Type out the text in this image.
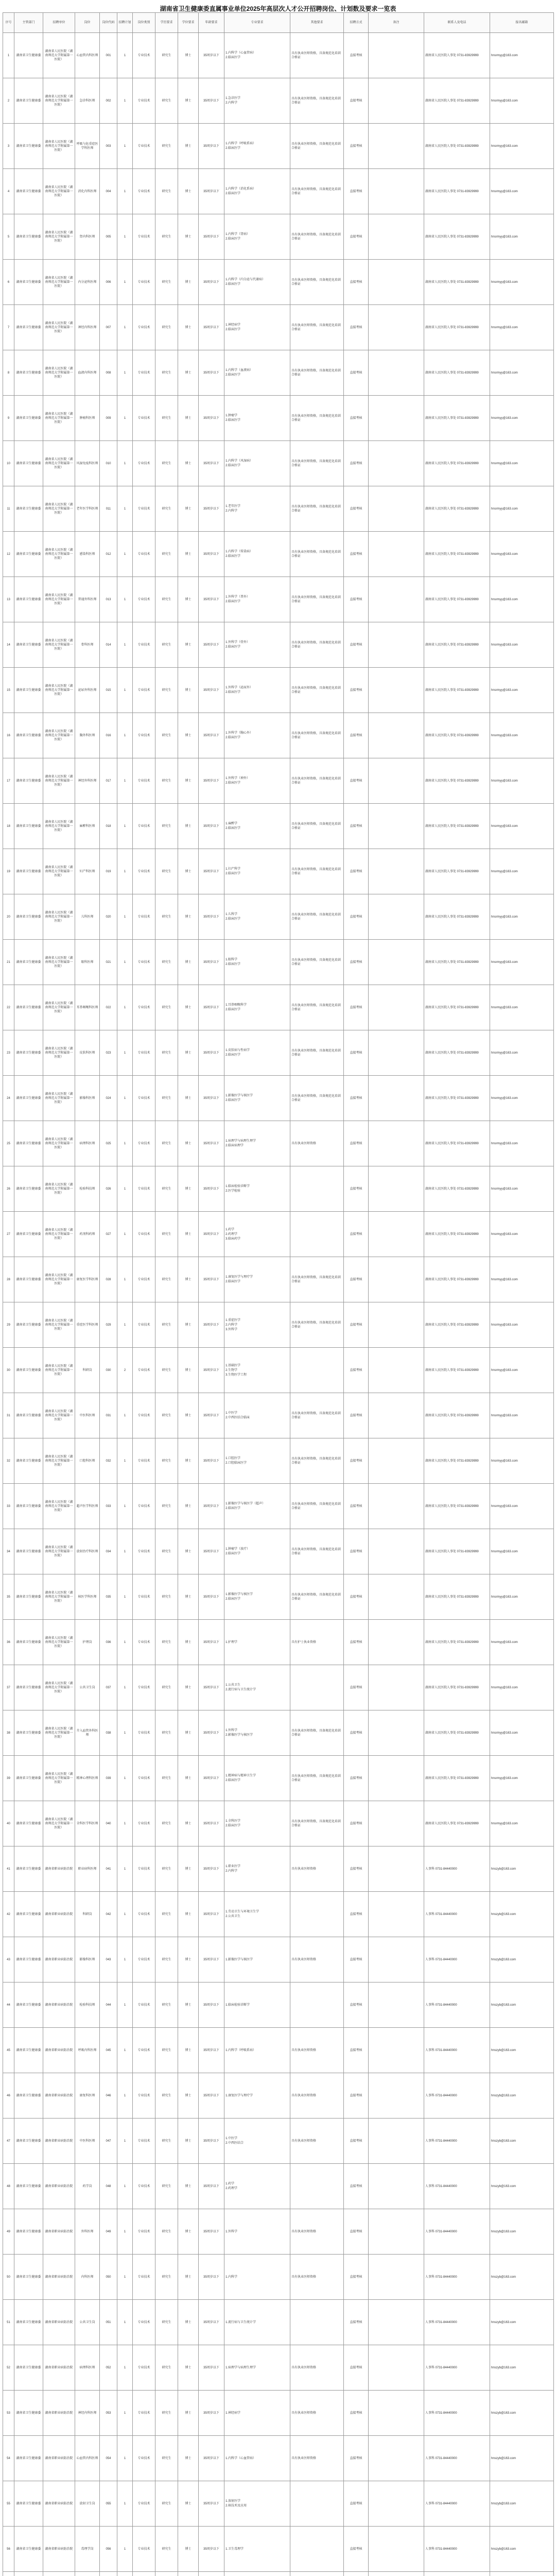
湖南省卫生健康委直属事业单位2025年高层次人才公开招聘岗位、计划数及要求一览表
序号	主管部门	招聘单位	岗位	岗位代码	招聘计划	岗位类别	学历要求	学位要求	年龄要求	专业要求	其他要求	招聘方式	备注	联系人及电话	报名邮箱
1	湖南省卫生健康委	湖南省人民医院（湖南师范大学附属第一医院）	心血管内科医师	001	1	专业技术	研究生	博士	35周岁以下	1.内科学（心血管病）
2.临床医学	具有执业医师资格，具备规范化培训合格证	直接考核		湖南省人民医院人事处 0731-83929999	hnsrmyy@163.com
2	湖南省卫生健康委	湖南省人民医院（湖南师范大学附属第一医院）	急诊科医师	002	1	专业技术	研究生	博士	35周岁以下	1.急诊医学
2.内科学	具有执业医师资格，具备规范化培训合格证	直接考核		湖南省人民医院人事处 0731-83929999	hnsrmyy@163.com
3	湖南省卫生健康委	湖南省人民医院（湖南师范大学附属第一医院）	呼吸与危重症医学科医师	003	1	专业技术	研究生	博士	35周岁以下	1.内科学（呼吸系病）
2.临床医学	具有执业医师资格，具备规范化培训合格证	直接考核		湖南省人民医院人事处 0731-83929999	hnsrmyy@163.com
4	湖南省卫生健康委	湖南省人民医院（湖南师范大学附属第一医院）	消化内科医师	004	1	专业技术	研究生	博士	35周岁以下	1.内科学（消化系病）
2.临床医学	具有执业医师资格，具备规范化培训合格证	直接考核		湖南省人民医院人事处 0731-83929999	hnsrmyy@163.com
5	湖南省卫生健康委	湖南省人民医院（湖南师范大学附属第一医院）	肾内科医师	005	1	专业技术	研究生	博士	35周岁以下	1.内科学（肾病）
2.临床医学	具有执业医师资格，具备规范化培训合格证	直接考核		湖南省人民医院人事处 0731-83929999	hnsrmyy@163.com
6	湖南省卫生健康委	湖南省人民医院（湖南师范大学附属第一医院）	内分泌科医师	006	1	专业技术	研究生	博士	35周岁以下	1.内科学（内分泌与代谢病）
2.临床医学	具有执业医师资格，具备规范化培训合格证	直接考核		湖南省人民医院人事处 0731-83929999	hnsrmyy@163.com
7	湖南省卫生健康委	湖南省人民医院（湖南师范大学附属第一医院）	神经内科医师	007	1	专业技术	研究生	博士	35周岁以下	1.神经病学
2.临床医学	具有执业医师资格，具备规范化培训合格证	直接考核		湖南省人民医院人事处 0731-83929999	hnsrmyy@163.com
8	湖南省卫生健康委	湖南省人民医院（湖南师范大学附属第一医院）	血液内科医师	008	1	专业技术	研究生	博士	35周岁以下	1.内科学（血液病）
2.临床医学	具有执业医师资格，具备规范化培训合格证	直接考核		湖南省人民医院人事处 0731-83929999	hnsrmyy@163.com
9	湖南省卫生健康委	湖南省人民医院（湖南师范大学附属第一医院）	肿瘤科医师	009	1	专业技术	研究生	博士	35周岁以下	1.肿瘤学
2.临床医学	具有执业医师资格，具备规范化培训合格证	直接考核		湖南省人民医院人事处 0731-83929999	hnsrmyy@163.com
10	湖南省卫生健康委	湖南省人民医院（湖南师范大学附属第一医院）	风湿免疫科医师	010	1	专业技术	研究生	博士	35周岁以下	1.内科学（风湿病）
2.临床医学	具有执业医师资格，具备规范化培训合格证	直接考核		湖南省人民医院人事处 0731-83929999	hnsrmyy@163.com
11	湖南省卫生健康委	湖南省人民医院（湖南师范大学附属第一医院）	老年医学科医师	011	1	专业技术	研究生	博士	35周岁以下	1.老年医学
2.内科学	具有执业医师资格，具备规范化培训合格证	直接考核		湖南省人民医院人事处 0731-83929999	hnsrmyy@163.com
12	湖南省卫生健康委	湖南省人民医院（湖南师范大学附属第一医院）	感染科医师	012	1	专业技术	研究生	博士	35周岁以下	1.内科学（传染病）
2.临床医学	具有执业医师资格，具备规范化培训合格证	直接考核		湖南省人民医院人事处 0731-83929999	hnsrmyy@163.com
13	湖南省卫生健康委	湖南省人民医院（湖南师范大学附属第一医院）	普通外科医师	013	1	专业技术	研究生	博士	35周岁以下	1.外科学（普外）
2.临床医学	具有执业医师资格，具备规范化培训合格证	直接考核		湖南省人民医院人事处 0731-83929999	hnsrmyy@163.com
14	湖南省卫生健康委	湖南省人民医院（湖南师范大学附属第一医院）	骨科医师	014	1	专业技术	研究生	博士	35周岁以下	1.外科学（骨外）
2.临床医学	具有执业医师资格，具备规范化培训合格证	直接考核		湖南省人民医院人事处 0731-83929999	hnsrmyy@163.com
15	湖南省卫生健康委	湖南省人民医院（湖南师范大学附属第一医院）	泌尿外科医师	015	1	专业技术	研究生	博士	35周岁以下	1.外科学（泌尿外）
2.临床医学	具有执业医师资格，具备规范化培训合格证	直接考核		湖南省人民医院人事处 0731-83929999	hnsrmyy@163.com
16	湖南省卫生健康委	湖南省人民医院（湖南师范大学附属第一医院）	胸外科医师	016	1	专业技术	研究生	博士	35周岁以下	1.外科学（胸心外）
2.临床医学	具有执业医师资格，具备规范化培训合格证	直接考核		湖南省人民医院人事处 0731-83929999	hnsrmyy@163.com
17	湖南省卫生健康委	湖南省人民医院（湖南师范大学附属第一医院）	神经外科医师	017	1	专业技术	研究生	博士	35周岁以下	1.外科学（神外）
2.临床医学	具有执业医师资格，具备规范化培训合格证	直接考核		湖南省人民医院人事处 0731-83929999	hnsrmyy@163.com
18	湖南省卫生健康委	湖南省人民医院（湖南师范大学附属第一医院）	麻醉科医师	018	1	专业技术	研究生	博士	35周岁以下	1.麻醉学
2.临床医学	具有执业医师资格，具备规范化培训合格证	直接考核		湖南省人民医院人事处 0731-83929999	hnsrmyy@163.com
19	湖南省卫生健康委	湖南省人民医院（湖南师范大学附属第一医院）	妇产科医师	019	1	专业技术	研究生	博士	35周岁以下	1.妇产科学
2.临床医学	具有执业医师资格，具备规范化培训合格证	直接考核		湖南省人民医院人事处 0731-83929999	hnsrmyy@163.com
20	湖南省卫生健康委	湖南省人民医院（湖南师范大学附属第一医院）	儿科医师	020	1	专业技术	研究生	博士	35周岁以下	1.儿科学
2.临床医学	具有执业医师资格，具备规范化培训合格证	直接考核		湖南省人民医院人事处 0731-83929999	hnsrmyy@163.com
21	湖南省卫生健康委	湖南省人民医院（湖南师范大学附属第一医院）	眼科医师	021	1	专业技术	研究生	博士	35周岁以下	1.眼科学
2.临床医学	具有执业医师资格，具备规范化培训合格证	直接考核		湖南省人民医院人事处 0731-83929999	hnsrmyy@163.com
22	湖南省卫生健康委	湖南省人民医院（湖南师范大学附属第一医院）	耳鼻咽喉科医师	022	1	专业技术	研究生	博士	35周岁以下	1.耳鼻咽喉科学
2.临床医学	具有执业医师资格，具备规范化培训合格证	直接考核		湖南省人民医院人事处 0731-83929999	hnsrmyy@163.com
23	湖南省卫生健康委	湖南省人民医院（湖南师范大学附属第一医院）	皮肤科医师	023	1	专业技术	研究生	博士	35周岁以下	1.皮肤病与性病学
2.临床医学	具有执业医师资格，具备规范化培训合格证	直接考核		湖南省人民医院人事处 0731-83929999	hnsrmyy@163.com
24	湖南省卫生健康委	湖南省人民医院（湖南师范大学附属第一医院）	影像科医师	024	1	专业技术	研究生	博士	35周岁以下	1.影像医学与核医学
2.临床医学	具有执业医师资格，具备规范化培训合格证	直接考核		湖南省人民医院人事处 0731-83929999	hnsrmyy@163.com
25	湖南省卫生健康委	湖南省人民医院（湖南师范大学附属第一医院）	病理科医师	025	1	专业技术	研究生	博士	35周岁以下	1.病理学与病理生理学
2.临床病理学	具有执业医师资格	直接考核		湖南省人民医院人事处 0731-83929999	hnsrmyy@163.com
26	湖南省卫生健康委	湖南省人民医院（湖南师范大学附属第一医院）	检验科技师	026	1	专业技术	研究生	博士	35周岁以下	1.临床检验诊断学
2.医学检验		直接考核		湖南省人民医院人事处 0731-83929999	hnsrmyy@163.com
27	湖南省卫生健康委	湖南省人民医院（湖南师范大学附属第一医院）	药剂科药师	027	1	专业技术	研究生	博士	35周岁以下	1.药学
2.药理学
3.临床药学		直接考核		湖南省人民医院人事处 0731-83929999	hnsrmyy@163.com
28	湖南省卫生健康委	湖南省人民医院（湖南师范大学附属第一医院）	康复医学科医师	028	1	专业技术	研究生	博士	35周岁以下	1.康复医学与理疗学
2.临床医学	具有执业医师资格，具备规范化培训合格证	直接考核		湖南省人民医院人事处 0731-83929999	hnsrmyy@163.com
29	湖南省卫生健康委	湖南省人民医院（湖南师范大学附属第一医院）	重症医学科医师	029	1	专业技术	研究生	博士	35周岁以下	1.重症医学
2.内科学
3.外科学	具有执业医师资格，具备规范化培训合格证	直接考核		湖南省人民医院人事处 0731-83929999	hnsrmyy@163.com
30	湖南省卫生健康委	湖南省人民医院（湖南师范大学附属第一医院）	科研岗	030	2	专业技术	研究生	博士	35周岁以下	1.基础医学
2.生物学
3.生物医学工程		直接考核		湖南省人民医院人事处 0731-83929999	hnsrmyy@163.com
31	湖南省卫生健康委	湖南省人民医院（湖南师范大学附属第一医院）	中医科医师	031	1	专业技术	研究生	博士	35周岁以下	1.中医学
2.中西医结合临床	具有执业医师资格，具备规范化培训合格证	直接考核		湖南省人民医院人事处 0731-83929999	hnsrmyy@163.com
32	湖南省卫生健康委	湖南省人民医院（湖南师范大学附属第一医院）	口腔科医师	032	1	专业技术	研究生	博士	35周岁以下	1.口腔医学
2.口腔临床医学	具有执业医师资格，具备规范化培训合格证	直接考核		湖南省人民医院人事处 0731-83929999	hnsrmyy@163.com
33	湖南省卫生健康委	湖南省人民医院（湖南师范大学附属第一医院）	超声医学科医师	033	1	专业技术	研究生	博士	35周岁以下	1.影像医学与核医学（超声）
2.临床医学	具有执业医师资格，具备规范化培训合格证	直接考核		湖南省人民医院人事处 0731-83929999	hnsrmyy@163.com
34	湖南省卫生健康委	湖南省人民医院（湖南师范大学附属第一医院）	放射治疗科医师	034	1	专业技术	研究生	博士	35周岁以下	1.肿瘤学（放疗）
2.临床医学	具有执业医师资格，具备规范化培训合格证	直接考核		湖南省人民医院人事处 0731-83929999	hnsrmyy@163.com
35	湖南省卫生健康委	湖南省人民医院（湖南师范大学附属第一医院）	核医学科医师	035	1	专业技术	研究生	博士	35周岁以下	1.影像医学与核医学
2.临床医学	具有执业医师资格，具备规范化培训合格证	直接考核		湖南省人民医院人事处 0731-83929999	hnsrmyy@163.com
36	湖南省卫生健康委	湖南省人民医院（湖南师范大学附属第一医院）	护理岗	036	1	专业技术	研究生	博士	35周岁以下	1.护理学	具有护士执业资格	直接考核		湖南省人民医院人事处 0731-83929999	hnsrmyy@163.com
37	湖南省卫生健康委	湖南省人民医院（湖南师范大学附属第一医院）	公共卫生岗	037	1	专业技术	研究生	博士	35周岁以下	1.公共卫生
2.流行病与卫生统计学		直接考核		湖南省人民医院人事处 0731-83929999	hnsrmyy@163.com
38	湖南省卫生健康委	湖南省人民医院（湖南师范大学附属第一医院）	介入血管外科医师	038	1	专业技术	研究生	博士	35周岁以下	1.外科学
2.影像医学与核医学	具有执业医师资格，具备规范化培训合格证	直接考核		湖南省人民医院人事处 0731-83929999	hnsrmyy@163.com
39	湖南省卫生健康委	湖南省人民医院（湖南师范大学附属第一医院）	精神心理科医师	039	1	专业技术	研究生	博士	35周岁以下	1.精神病与精神卫生学
2.临床医学	具有执业医师资格，具备规范化培训合格证	直接考核		湖南省人民医院人事处 0731-83929999	hnsrmyy@163.com
40	湖南省卫生健康委	湖南省人民医院（湖南师范大学附属第一医院）	全科医学科医师	040	1	专业技术	研究生	博士	35周岁以下	1.全科医学
2.临床医学	具有执业医师资格，具备规范化培训合格证	直接考核		湖南省人民医院人事处 0731-83929999	hnsrmyy@163.com
41	湖南省卫生健康委	湖南省职业病防治院	职业病科医师	041	1	专业技术	研究生	博士	35周岁以下	1.职业医学
2.内科学	具有执业医师资格	直接考核		人事科 0731-84440000	hnszyb@163.com
42	湖南省卫生健康委	湖南省职业病防治院	科研岗	042	1	专业技术	研究生	博士	35周岁以下	1.劳动卫生与环境卫生学
2.公共卫生		直接考核		人事科 0731-84440000	hnszyb@163.com
43	湖南省卫生健康委	湖南省职业病防治院	影像科医师	043	1	专业技术	研究生	博士	35周岁以下	1.影像医学与核医学	具有执业医师资格	直接考核		人事科 0731-84440000	hnszyb@163.com
44	湖南省卫生健康委	湖南省职业病防治院	检验科技师	044	1	专业技术	研究生	博士	35周岁以下	1.临床检验诊断学		直接考核		人事科 0731-84440000	hnszyb@163.com
45	湖南省卫生健康委	湖南省职业病防治院	呼吸内科医师	045	1	专业技术	研究生	博士	35周岁以下	1.内科学（呼吸系病）	具有执业医师资格	直接考核		人事科 0731-84440000	hnszyb@163.com
46	湖南省卫生健康委	湖南省职业病防治院	康复科医师	046	1	专业技术	研究生	博士	35周岁以下	1.康复医学与理疗学	具有执业医师资格	直接考核		人事科 0731-84440000	hnszyb@163.com
47	湖南省卫生健康委	湖南省职业病防治院	中医科医师	047	1	专业技术	研究生	博士	35周岁以下	1.中医学
2.中西医结合	具有执业医师资格	直接考核		人事科 0731-84440000	hnszyb@163.com
48	湖南省卫生健康委	湖南省职业病防治院	药学岗	048	1	专业技术	研究生	博士	35周岁以下	1.药学
2.药理学		直接考核		人事科 0731-84440000	hnszyb@163.com
49	湖南省卫生健康委	湖南省职业病防治院	外科医师	049	1	专业技术	研究生	博士	35周岁以下	1.外科学	具有执业医师资格	直接考核		人事科 0731-84440000	hnszyb@163.com
50	湖南省卫生健康委	湖南省职业病防治院	内科医师	050	1	专业技术	研究生	博士	35周岁以下	1.内科学	具有执业医师资格	直接考核		人事科 0731-84440000	hnszyb@163.com
51	湖南省卫生健康委	湖南省职业病防治院	公共卫生岗	051	1	专业技术	研究生	博士	35周岁以下	1.流行病与卫生统计学		直接考核		人事科 0731-84440000	hnszyb@163.com
52	湖南省卫生健康委	湖南省职业病防治院	病理科医师	052	1	专业技术	研究生	博士	35周岁以下	1.病理学与病理生理学	具有执业医师资格	直接考核		人事科 0731-84440000	hnszyb@163.com
53	湖南省卫生健康委	湖南省职业病防治院	神经内科医师	053	1	专业技术	研究生	博士	35周岁以下	1.神经病学	具有执业医师资格	直接考核		人事科 0731-84440000	hnszyb@163.com
54	湖南省卫生健康委	湖南省职业病防治院	心血管内科医师	054	1	专业技术	研究生	博士	35周岁以下	1.内科学（心血管病）	具有执业医师资格	直接考核		人事科 0731-84440000	hnszyb@163.com
55	湖南省卫生健康委	湖南省职业病防治院	放射卫生岗	055	1	专业技术	研究生	博士	35周岁以下	1.放射医学
2.核技术及应用		直接考核		人事科 0731-84440000	hnszyb@163.com
56	湖南省卫生健康委	湖南省职业病防治院	毒理学岗	056	1	专业技术	研究生	博士	35周岁以下	1.卫生毒理学		直接考核		人事科 0731-84440000	hnszyb@163.com
